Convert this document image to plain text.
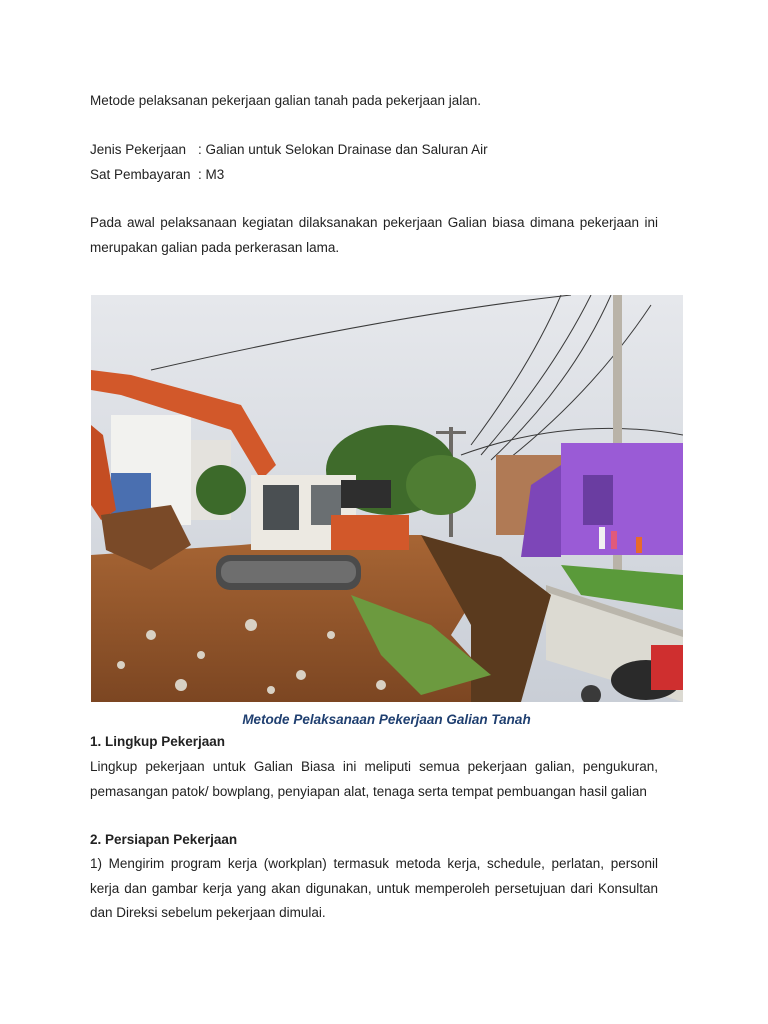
Metode pelaksanan pekerjaan galian tanah pada pekerjaan jalan.
Jenis Pekerjaan : Galian untuk Selokan Drainase dan Saluran Air
Sat Pembayaran : M3
Pada awal pelaksanaan kegiatan dilaksanakan pekerjaan Galian biasa dimana pekerjaan ini merupakan galian pada perkerasan lama.
Metode Pelaksanaan Pekerjaan Galian Tanah
1. Lingkup Pekerjaan
Lingkup pekerjaan untuk Galian Biasa ini meliputi semua pekerjaan galian, pengukuran, pemasangan patok/ bowplang, penyiapan alat, tenaga serta tempat pembuangan hasil galian
2. Persiapan Pekerjaan
1) Mengirim program kerja (workplan) termasuk metoda kerja, schedule, perlatan, personil kerja dan gambar kerja yang akan digunakan, untuk memperoleh persetujuan dari Konsultan dan Direksi sebelum pekerjaan dimulai.
